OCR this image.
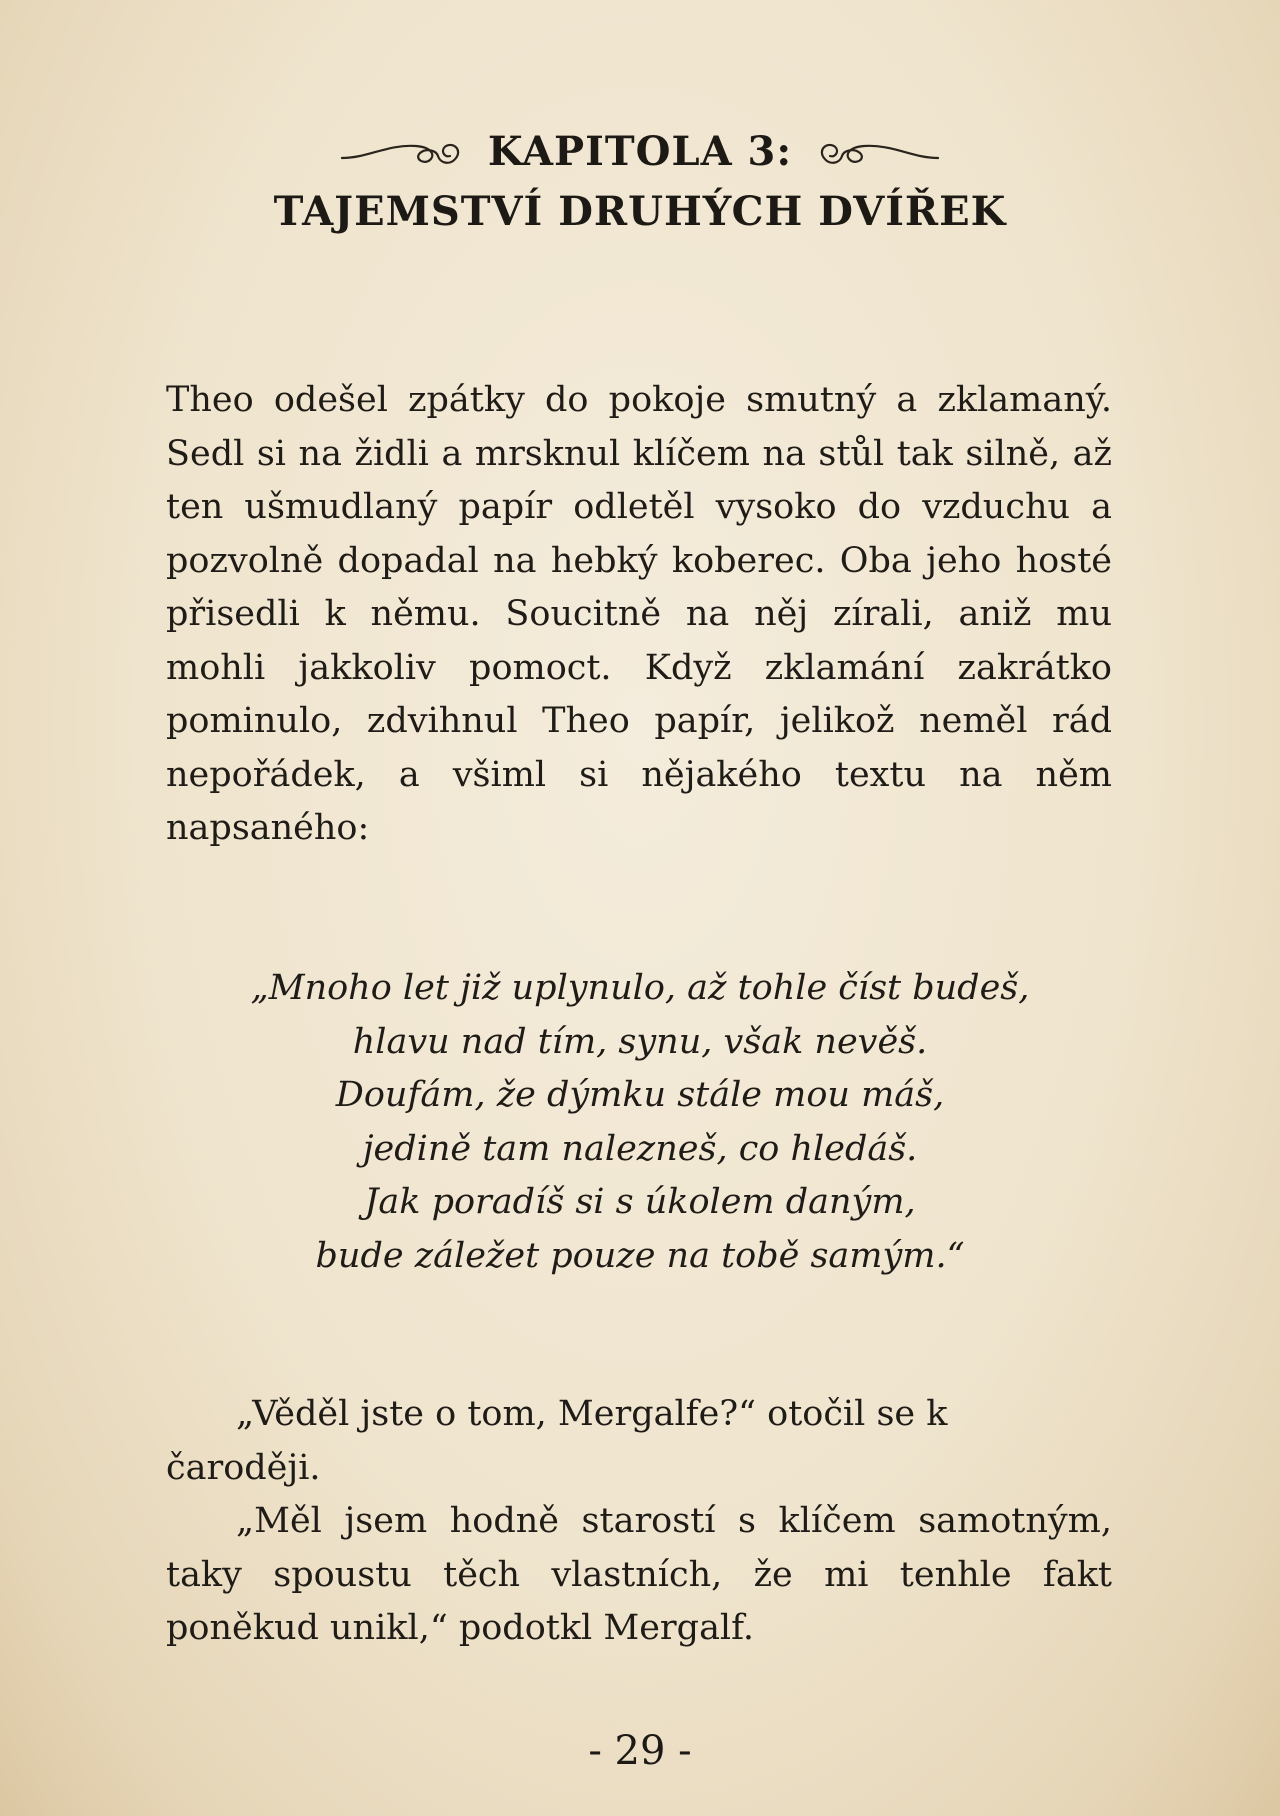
KAPITOLA 3:
TAJEMSTVÍ DRUHÝCH DVÍŘEK
Theo odešel zpátky do pokoje smutný a zklamaný. Sedl si na židli a mrsknul klíčem na stůl tak silně, až ten ušmudlaný papír odletěl vysoko do vzduchu a pozvolně dopadal na hebký koberec. Oba jeho hosté přisedli k němu. Soucitně na něj zírali, aniž mu mohli jakkoliv pomoct. Když zklamání zakrátko pominulo, zdvihnul Theo papír, jelikož neměl rád nepořádek, a všiml si nějakého textu na něm napsaného:
„Mnoho let již uplynulo, až tohle číst budeš,
hlavu nad tím, synu, však nevěš.
Doufám, že dýmku stále mou máš,
jedině tam nalezneš, co hledáš.
Jak poradíš si s úkolem daným,
bude záležet pouze na tobě samým.“

„Věděl jste o tom, Mergalfe?“ otočil se k čaroději.

„Měl jsem hodně starostí s klíčem samotným, taky spoustu těch vlastních, že mi tenhle fakt poněkud unikl,“ podotkl Mergalf.

- 29 -
